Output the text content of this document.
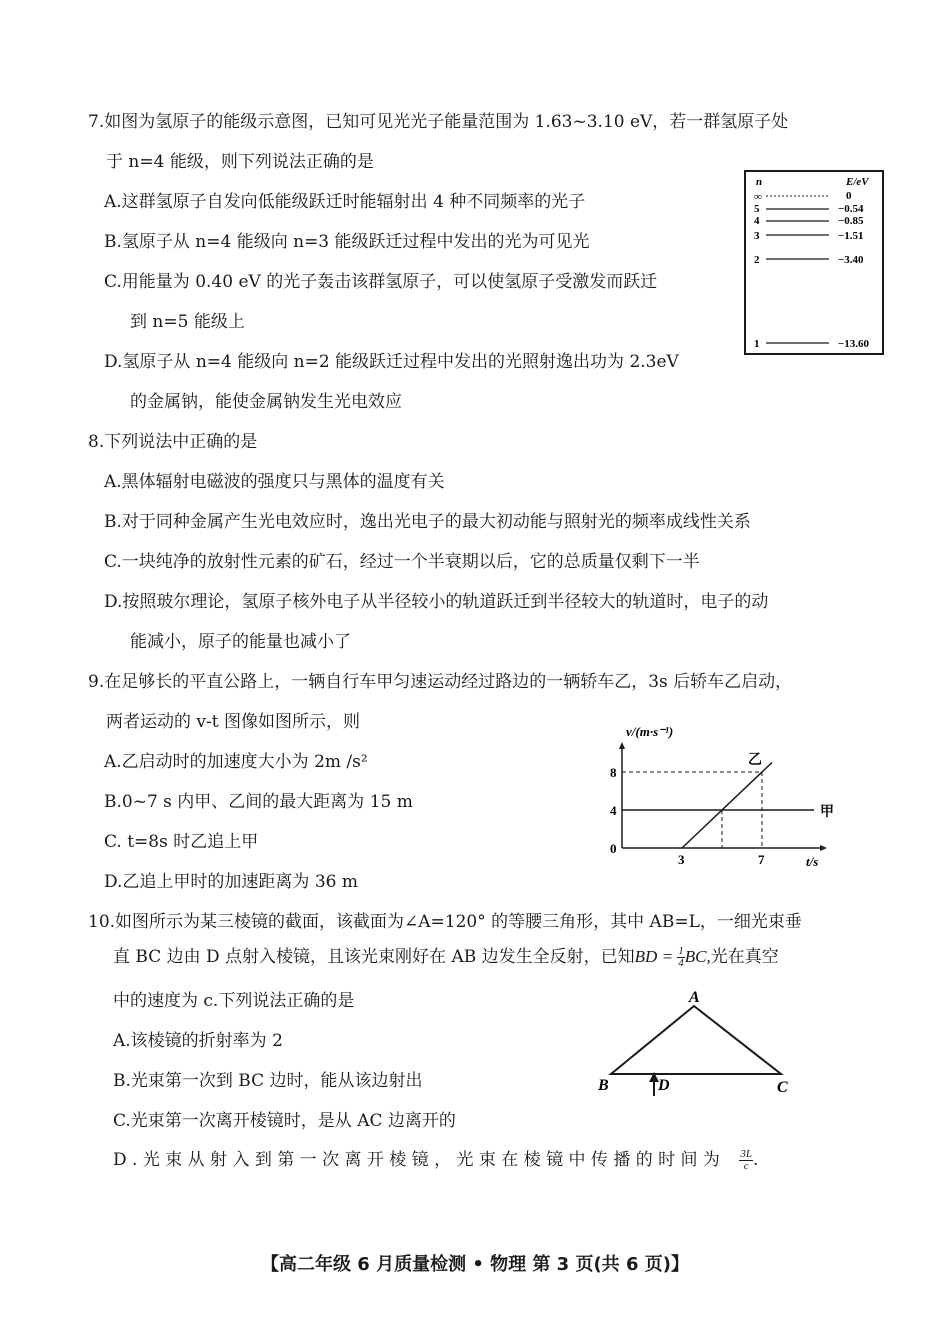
7.如图为氢原子的能级示意图，已知可见光光子能量范围为 1.63~3.10 eV，若一群氢原子处
于 n=4 能级，则下列说法正确的是
A.这群氢原子自发向低能级跃迁时能辐射出 4 种不同频率的光子
B.氢原子从 n=4 能级向 n=3 能级跃迁过程中发出的光为可见光
C.用能量为 0.40 eV 的光子轰击该群氢原子，可以使氢原子受激发而跃迁
到 n=5 能级上
D.氢原子从 n=4 能级向 n=2 能级跃迁过程中发出的光照射逸出功为 2.3eV
的金属钠，能使金属钠发生光电效应
n	E/eV
∞	0
5	−0.54
4	−0.85
3	−1.51
2	−3.40
1	−13.60
8.下列说法中正确的是
A.黑体辐射电磁波的强度只与黑体的温度有关
B.对于同种金属产生光电效应时，逸出光电子的最大初动能与照射光的频率成线性关系
C.一块纯净的放射性元素的矿石，经过一个半衰期以后，它的总质量仅剩下一半
D.按照玻尔理论，氢原子核外电子从半径较小的轨道跃迁到半径较大的轨道时，电子的动
能减小，原子的能量也减小了
9.在足够长的平直公路上，一辆自行车甲匀速运动经过路边的一辆轿车乙，3s 后轿车乙启动，
两者运动的 v-t 图像如图所示，则
A.乙启动时的加速度大小为 2m /s²
B.0~7 s 内甲、乙间的最大距离为 15 m
C. t=8s 时乙追上甲
D.乙追上甲时的加速距离为 36 m
0
4
8
3	7
v/(m·s⁻¹)
t/s
甲
乙
10.如图所示为某三棱镜的截面，该截面为∠A=120° 的等腰三角形，其中 AB=L，一细光束垂
直 BC 边由 D 点射入棱镜，且该光束刚好在 AB 边发生全反射，已知BD = $\frac{1}{4}$ BC,光在真空
中的速度为 c.下列说法正确的是
A.该棱镜的折射率为 2
B.光束第一次到 BC 边时，能从该边射出
C.光束第一次离开棱镜时，是从 AC 边离开的
D . 光 束 从 射 入 到 第 一 次 离 开 棱 镜 ， 光 束 在 棱 镜 中 传 播 的 时 间 为 $\frac{3L}{c}$ .
A
B	C
D
【高二年级 6 月质量检测 • 物理 第 3 页(共 6 页)】
